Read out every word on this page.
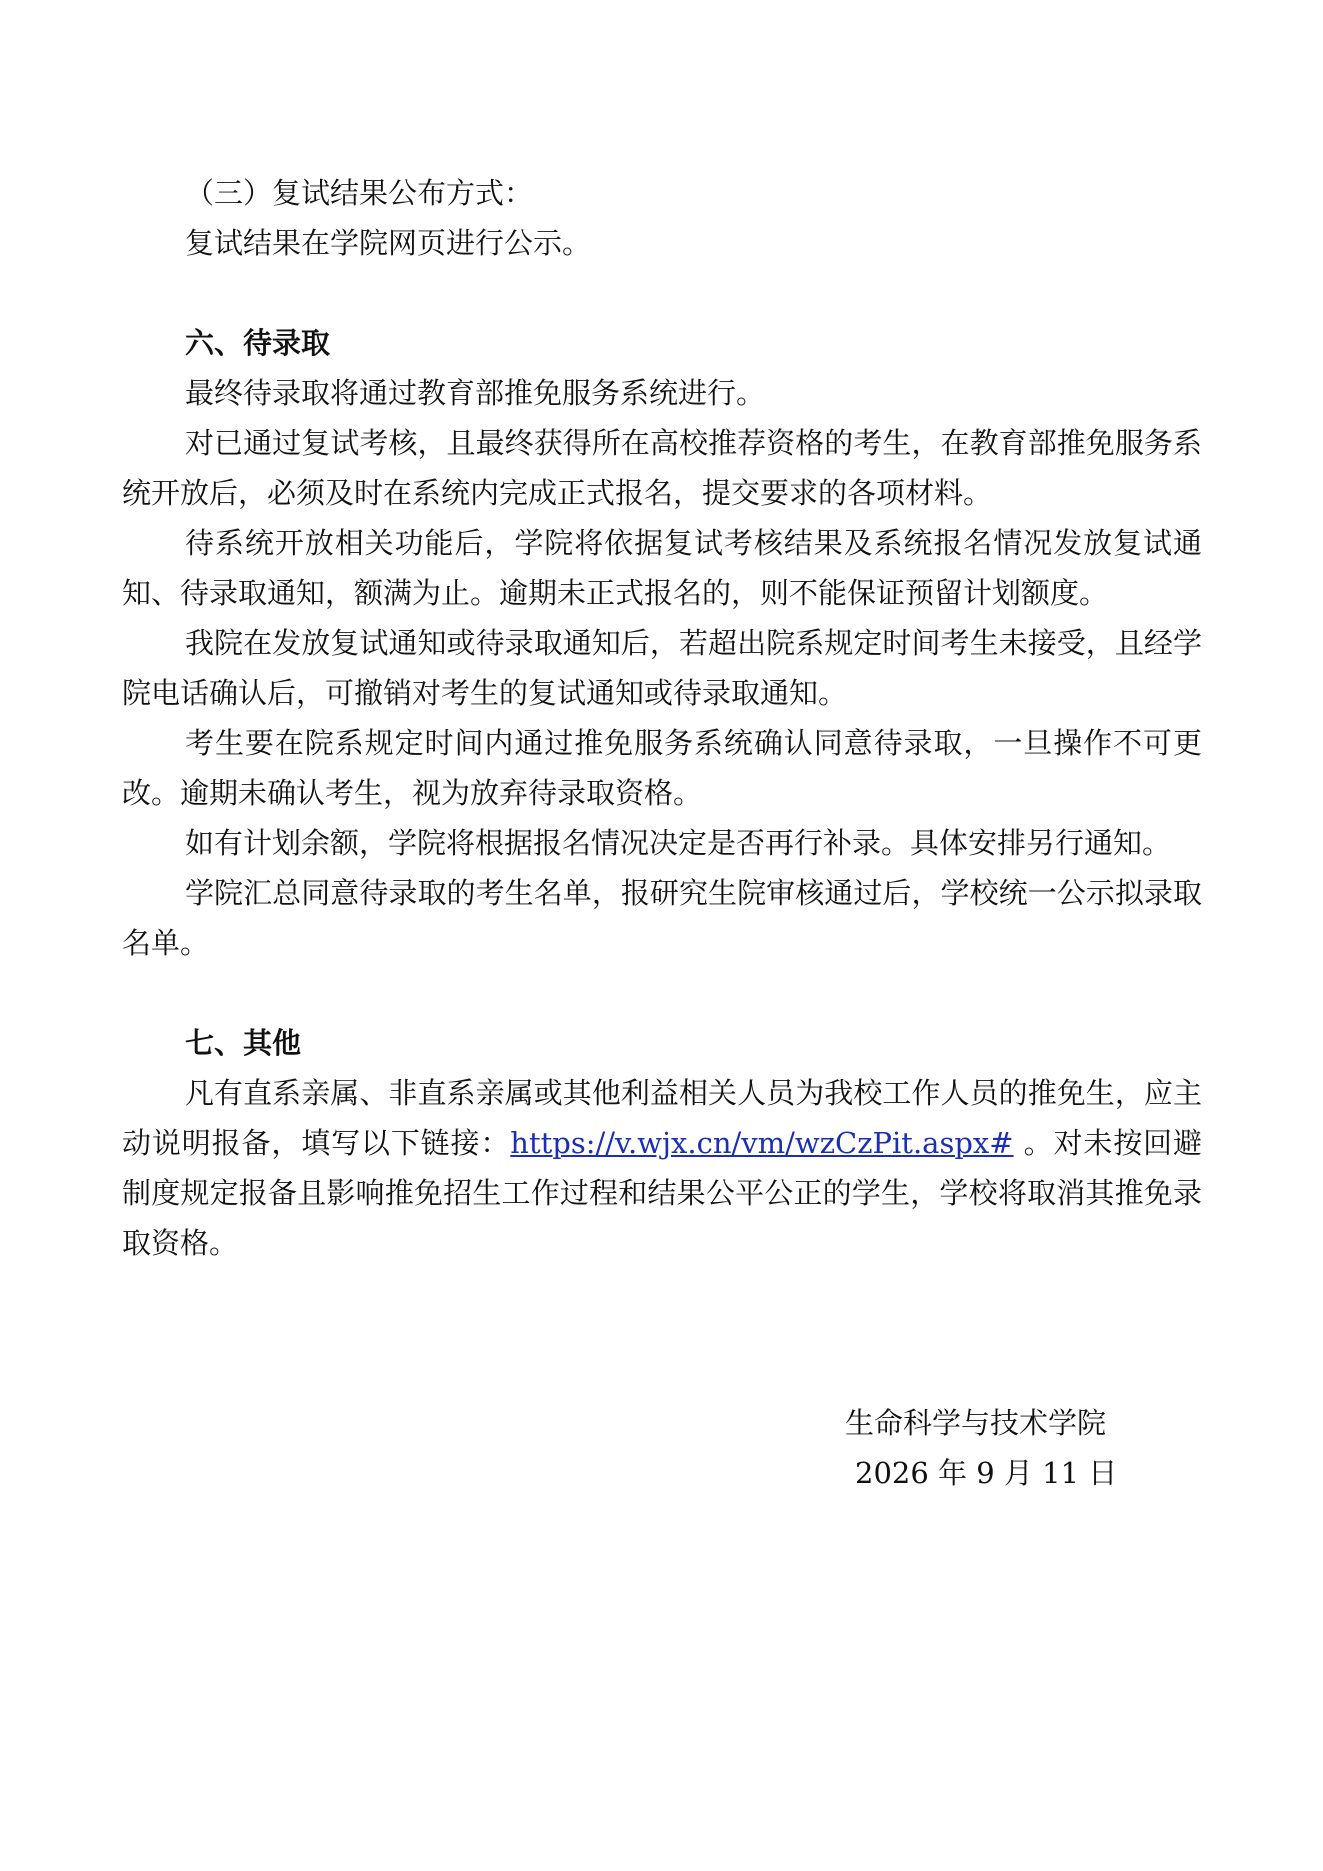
（三）复试结果公布方式：

复试结果在学院网页进行公示。

六、待录取

最终待录取将通过教育部推免服务系统进行。

对已通过复试考核，且最终获得所在高校推荐资格的考生，在教育部推免服务系统开放后，必须及时在系统内完成正式报名，提交要求的各项材料。

待系统开放相关功能后，学院将依据复试考核结果及系统报名情况发放复试通知、待录取通知，额满为止。逾期未正式报名的，则不能保证预留计划额度。

我院在发放复试通知或待录取通知后，若超出院系规定时间考生未接受，且经学院电话确认后，可撤销对考生的复试通知或待录取通知。

考生要在院系规定时间内通过推免服务系统确认同意待录取，一旦操作不可更改。逾期未确认考生，视为放弃待录取资格。

如有计划余额，学院将根据报名情况决定是否再行补录。具体安排另行通知。

学院汇总同意待录取的考生名单，报研究生院审核通过后，学校统一公示拟录取名单。

七、其他

凡有直系亲属、非直系亲属或其他利益相关人员为我校工作人员的推免生，应主动说明报备，填写以下链接：https://v.wjx.cn/vm/wzCzPit.aspx# 。对未按回避制度规定报备且影响推免招生工作过程和结果公平公正的学生，学校将取消其推免录取资格。

生命科学与技术学院
2026 年 9 月 11 日
